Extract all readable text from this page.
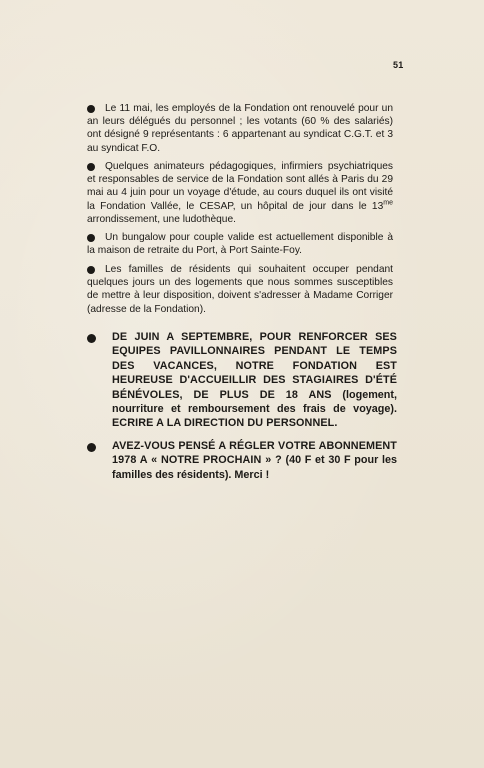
51
Le 11 mai, les employés de la Fondation ont renouvelé pour un an leurs délégués du personnel ; les votants (60 % des salariés) ont désigné 9 représentants : 6 appartenant au syndicat C.G.T. et 3 au syndicat F.O.
Quelques animateurs pédagogiques, infirmiers psychiatriques et responsables de service de la Fondation sont allés à Paris du 29 mai au 4 juin pour un voyage d'étude, au cours duquel ils ont visité la Fondation Vallée, le CESAP, un hôpital de jour dans le $13^{me}$ arrondissement, une ludothèque.
Un bungalow pour couple valide est actuellement disponible à la maison de retraite du Port, à Port Sainte-Foy.
Les familles de résidents qui souhaitent occuper pendant quelques jours un des logements que nous sommes susceptibles de mettre à leur disposition, doivent s'adresser à Madame Corriger (adresse de la Fondation).
DE JUIN A SEPTEMBRE, POUR RENFORCER SES EQUIPES PAVILLONNAIRES PENDANT LE TEMPS DES VACANCES, NOTRE FONDATION EST HEUREUSE D'ACCUEILLIR DES STAGIAIRES D'ÉTÉ BÉNÉVOLES, DE PLUS DE 18 ANS (logement, nourriture et remboursement des frais de voyage). ECRIRE A LA DIRECTION DU PERSONNEL.
AVEZ-VOUS PENSÉ A RÉGLER VOTRE ABONNEMENT 1978 A « NOTRE PROCHAIN » ? (40 F et 30 F pour les familles des résidents). Merci !
